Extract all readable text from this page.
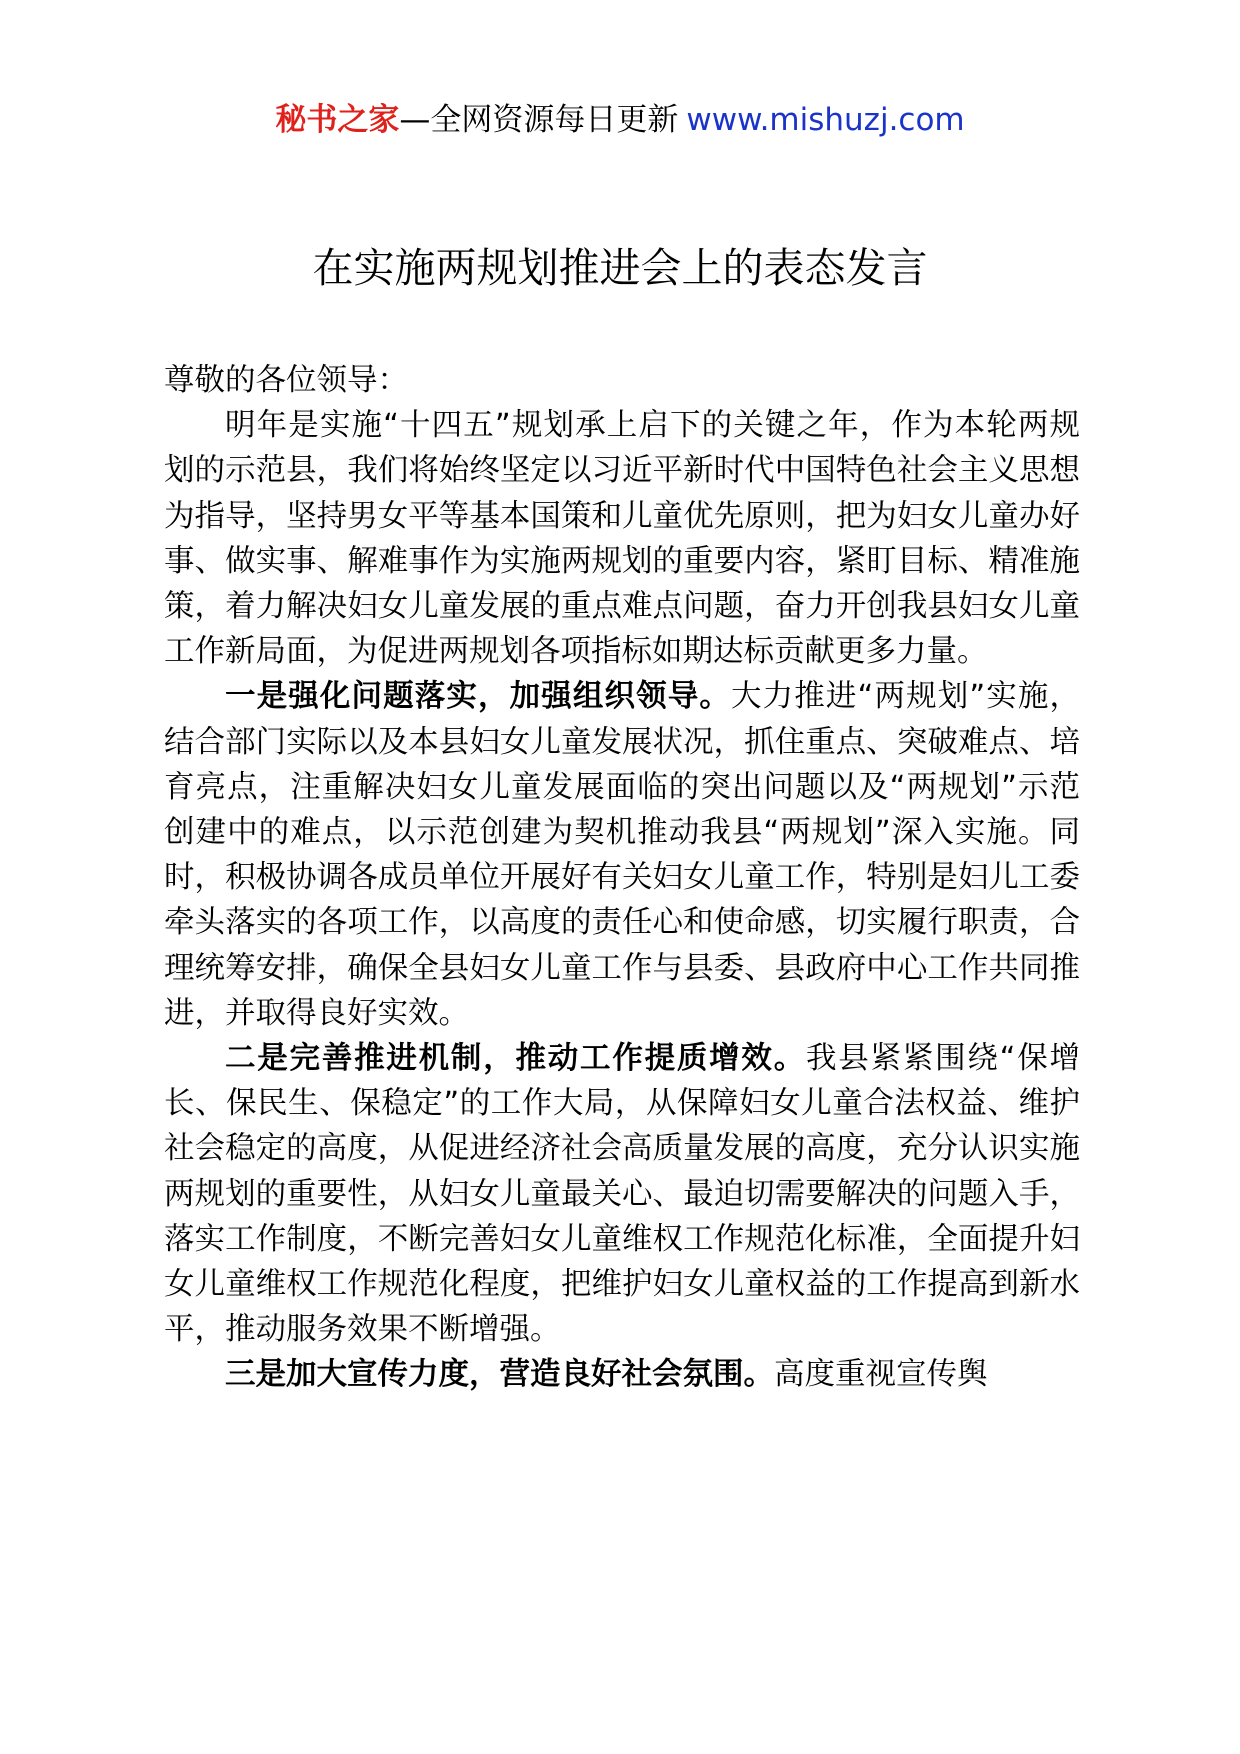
秘书之家—全网资源每日更新 www.mishuzj.com
在实施两规划推进会上的表态发言

尊敬的各位领导：

明年是实施“十四五”规划承上启下的关键之年，作为本轮两规划的示范县，我们将始终坚定以习近平新时代中国特色社会主义思想为指导，坚持男女平等基本国策和儿童优先原则，把为妇女儿童办好事、做实事、解难事作为实施两规划的重要内容，紧盯目标、精准施策，着力解决妇女儿童发展的重点难点问题，奋力开创我县妇女儿童工作新局面，为促进两规划各项指标如期达标贡献更多力量。

一是强化问题落实，加强组织领导。大力推进“两规划”实施，结合部门实际以及本县妇女儿童发展状况，抓住重点、突破难点、培育亮点，注重解决妇女儿童发展面临的突出问题以及“两规划”示范创建中的难点，以示范创建为契机推动我县“两规划”深入实施。同时，积极协调各成员单位开展好有关妇女儿童工作，特别是妇儿工委牵头落实的各项工作，以高度的责任心和使命感，切实履行职责，合理统筹安排，确保全县妇女儿童工作与县委、县政府中心工作共同推进，并取得良好实效。

二是完善推进机制，推动工作提质增效。我县紧紧围绕“保增长、保民生、保稳定”的工作大局，从保障妇女儿童合法权益、维护社会稳定的高度，从促进经济社会高质量发展的高度，充分认识实施两规划的重要性，从妇女儿童最关心、最迫切需要解决的问题入手，落实工作制度，不断完善妇女儿童维权工作规范化标准，全面提升妇女儿童维权工作规范化程度，把维护妇女儿童权益的工作提高到新水平，推动服务效果不断增强。

三是加大宣传力度，营造良好社会氛围。高度重视宣传舆
